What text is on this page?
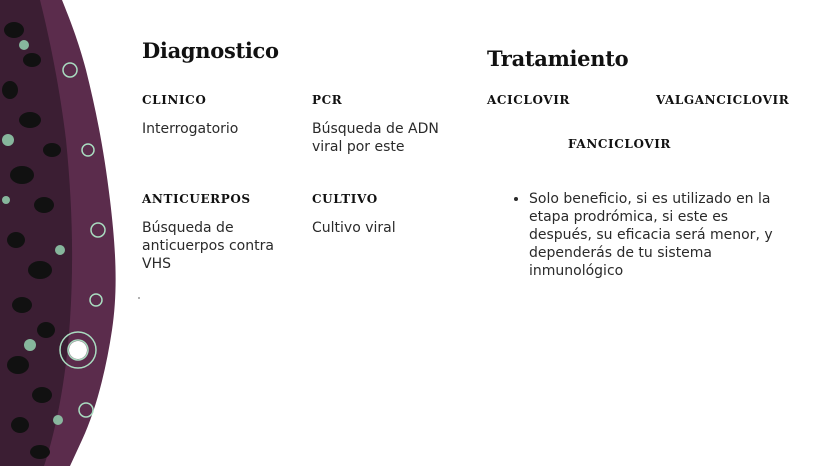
Diagnostico
CLINICO

Interrogatorio

PCR

Búsqueda de ADN

viral por este

ANTICUERPOS

Búsqueda de

anticuerpos contra

VHS

CULTIVO

Cultivo viral

Tratamiento
ACICLOVIR	VALGANCICLOVIR
FANCICLOVIR
• Solo beneficio, si es utilizado en la etapa prodrómica, si este es después, su eficacia será menor, y dependerás de tu sistema inmunológico
